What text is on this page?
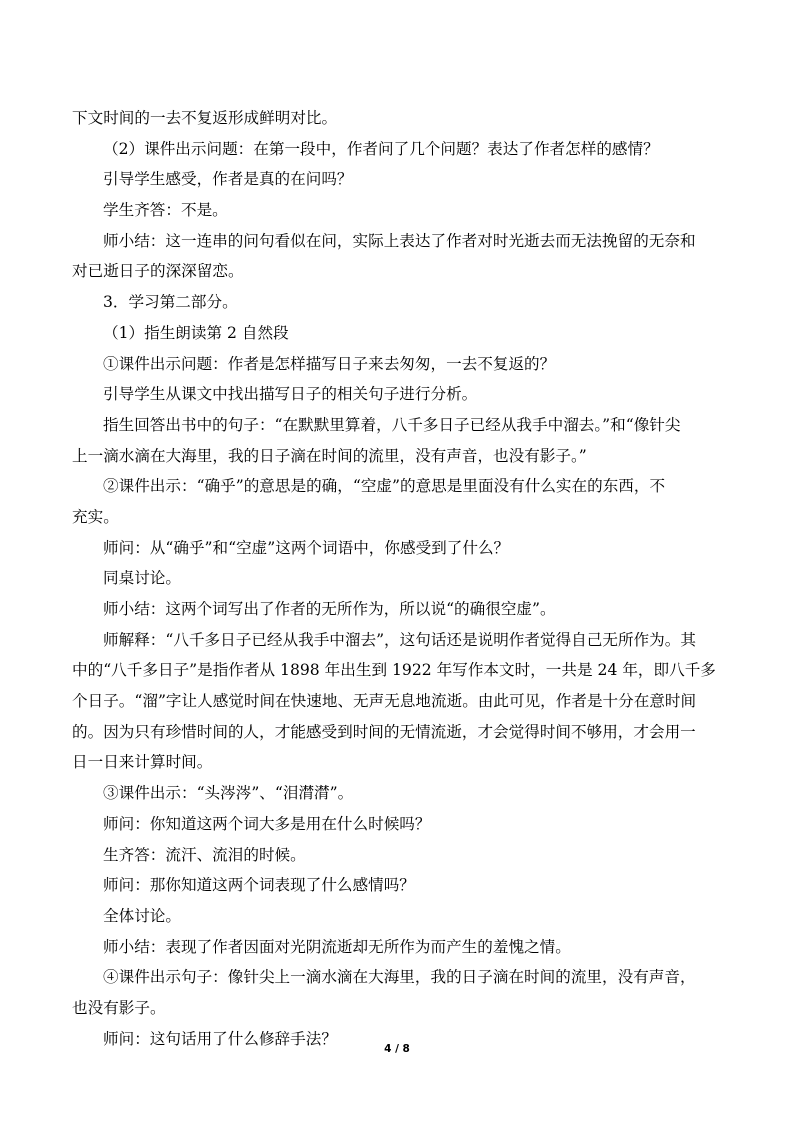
下文时间的一去不复返形成鲜明对比。
（2）课件出示问题：在第一段中，作者问了几个问题？表达了作者怎样的感情？
引导学生感受，作者是真的在问吗？
学生齐答：不是。
师小结：这一连串的问句看似在问，实际上表达了作者对时光逝去而无法挽留的无奈和
对已逝日子的深深留恋。
3．学习第二部分。
（1）指生朗读第 2 自然段
①课件出示问题：作者是怎样描写日子来去匆匆，一去不复返的？
引导学生从课文中找出描写日子的相关句子进行分析。
指生回答出书中的句子：“在默默里算着，八千多日子已经从我手中溜去。”和“像针尖
上一滴水滴在大海里，我的日子滴在时间的流里，没有声音，也没有影子。”
②课件出示：“确乎”的意思是的确，“空虚”的意思是里面没有什么实在的东西，不
充实。
师问：从“确乎”和“空虚”这两个词语中，你感受到了什么？
同桌讨论。
师小结：这两个词写出了作者的无所作为，所以说“的确很空虚”。
师解释：“八千多日子已经从我手中溜去”，这句话还是说明作者觉得自己无所作为。其
中的“八千多日子”是指作者从 1898 年出生到 1922 年写作本文时，一共是 24 年，即八千多
个日子。“溜”字让人感觉时间在快速地、无声无息地流逝。由此可见，作者是十分在意时间
的。因为只有珍惜时间的人，才能感受到时间的无情流逝，才会觉得时间不够用，才会用一
日一日来计算时间。
③课件出示：“头涔涔”、“泪潸潸”。
师问：你知道这两个词大多是用在什么时候吗？
生齐答：流汗、流泪的时候。
师问：那你知道这两个词表现了什么感情吗？
全体讨论。
师小结：表现了作者因面对光阴流逝却无所作为而产生的羞愧之情。
④课件出示句子：像针尖上一滴水滴在大海里，我的日子滴在时间的流里，没有声音，
也没有影子。
师问：这句话用了什么修辞手法？
4 / 8
